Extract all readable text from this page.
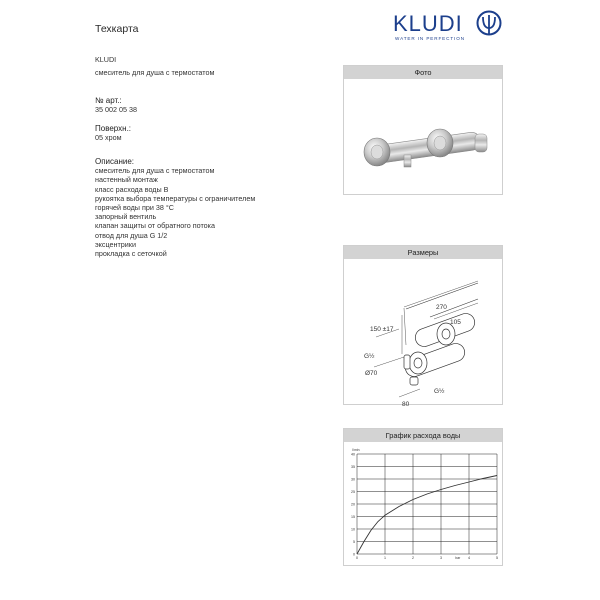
Техкарта	KLUDI
WATER IN PERFECTION
KLUDI
смеситель для душа с термостатом
№ арт.:
35 002 05 38
Поверхн.:
05 хром
Описание:
смеситель для душа с термостатом
настенный монтаж
класс расхода воды B
рукоятка выбора температуры с ограничителем
горячей воды при 38 °C
запорный вентиль
клапан защиты от обратного потока
отвод для душа G 1/2
эксцентрики
прокладка с сеточкой
Фото
Размеры
270
105
150 ±17
G½
Ø70
G½
80
График расхода воды
0
5
10
15
20
25
30
35
40
0	1	2	3	4	5
l/min
bar
